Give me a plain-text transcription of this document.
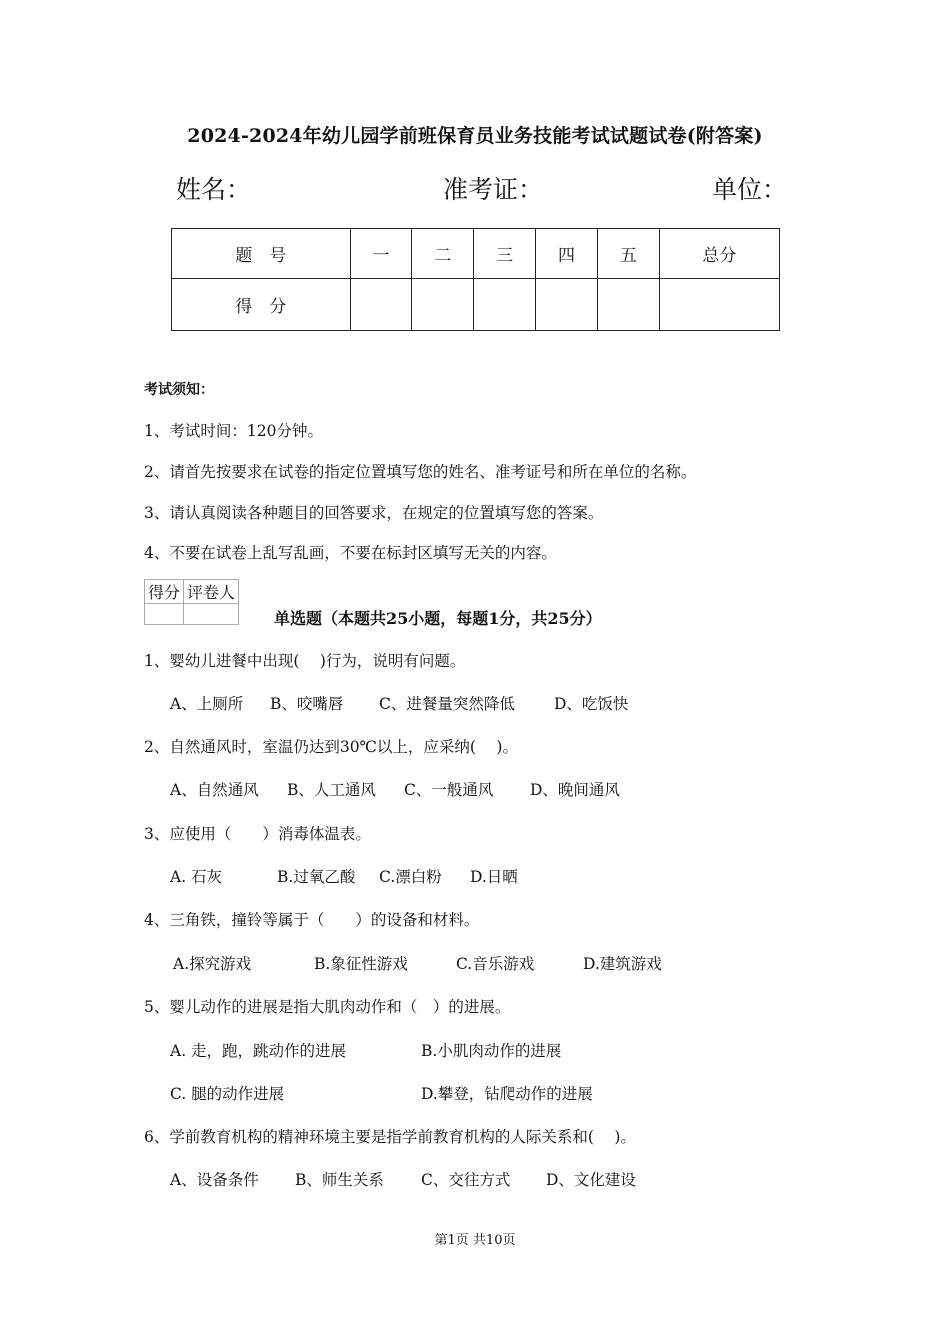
2024-2024年幼儿园学前班保育员业务技能考试试题试卷(附答案)
姓名：	准考证：	单位：
题　号	一	二	三	四	五	总分
得　分						
考试须知：
1、考试时间：120分钟。
2、请首先按要求在试卷的指定位置填写您的姓名、准考证号和所在单位的名称。
3、请认真阅读各种题目的回答要求，在规定的位置填写您的答案。
4、不要在试卷上乱写乱画，不要在标封区填写无关的内容。
得分	评卷人

单选题（本题共25小题，每题1分，共25分）
1、婴幼儿进餐中出现(　 )行为，说明有问题。
A、上厕所 B、咬嘴唇 C、进餐量突然降低	D、吃饭快
2、自然通风时，室温仍达到30℃以上，应采纳(　 )。
A、自然通风 B、人工通风 C、一般通风 D、晚间通风
3、应使用（　　）消毒体温表。
A. 石灰	B.过氧乙酸 C.漂白粉 D.日晒
4、三角铁，撞铃等属于（　　）的设备和材料。
A.探究游戏	B.象征性游戏	C.音乐游戏	D.建筑游戏
5、婴儿动作的进展是指大肌肉动作和（　）的进展。
A. 走，跑，跳动作的进展	B.小肌肉动作的进展
C. 腿的动作进展	D.攀登，钻爬动作的进展
6、学前教育机构的精神环境主要是指学前教育机构的人际关系和(　 )。
A、设备条件 B、师生关系 C、交往方式 D、文化建设
第1页 共10页
